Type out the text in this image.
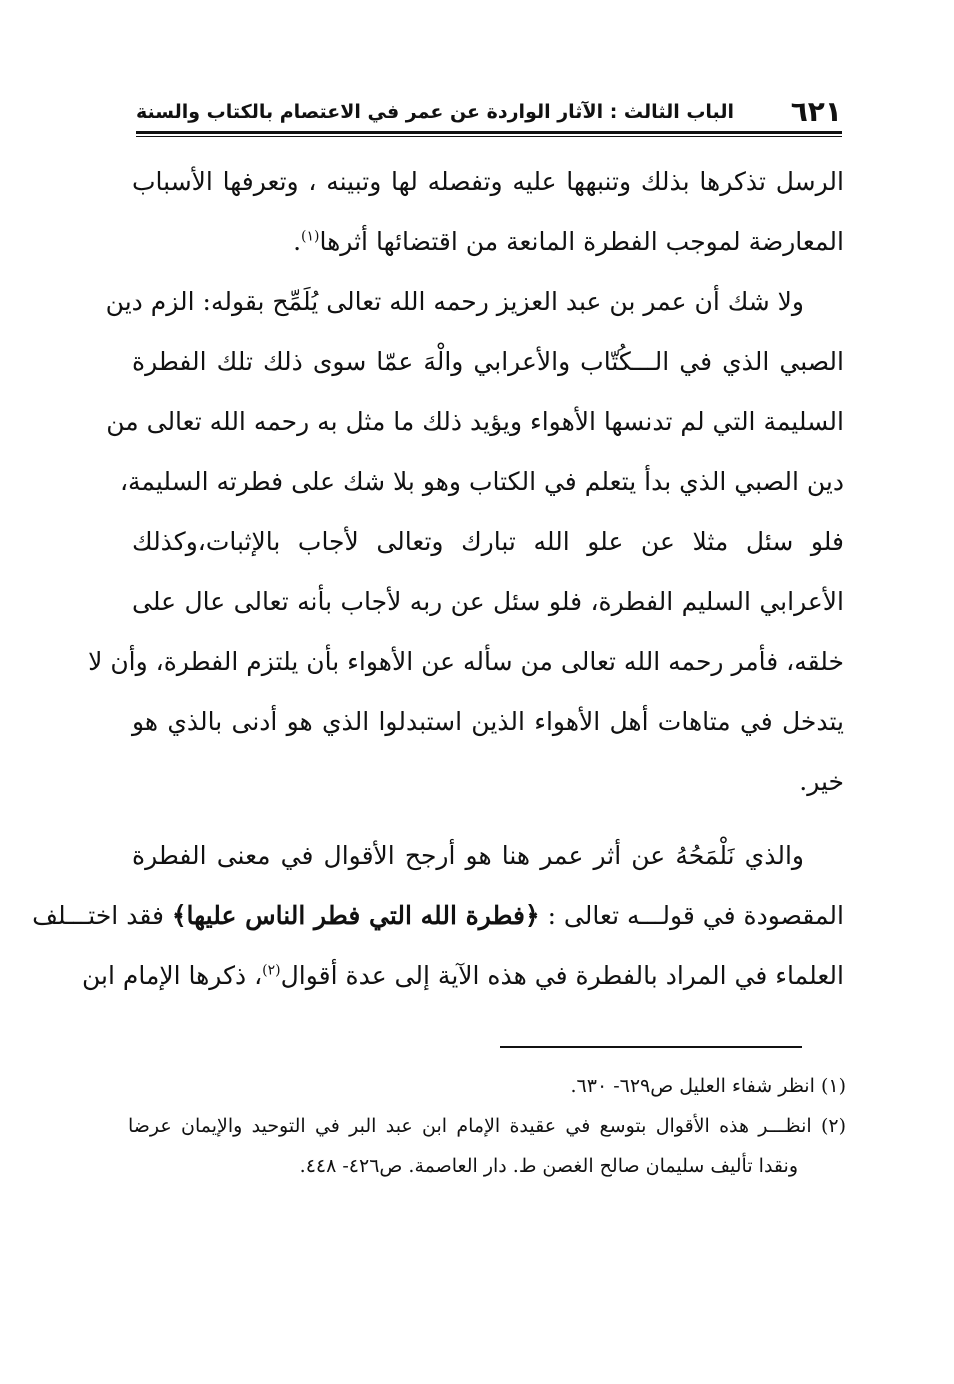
٦٢١
الباب الثالث : الآثار الواردة عن عمر في الاعتصام بالكتاب والسنة
الرسل تذكرها بذلك وتنبهها عليه وتفصله لها وتبينه ، وتعرفها الأسباب
المعارضة لموجب الفطرة المانعة من اقتضائها أثرها$^{(١)}$.
ولا شك أن عمر بن عبد العزيز رحمه الله تعالى يُلَمِّح بقوله: الزم دين
الصبي الذي في الـــكُتّاب والأعرابي والْهَ عمّا سوى ذلك تلك الفطرة
السليمة التي لم تدنسها الأهواء ويؤيد ذلك ما مثل به رحمه الله تعالى من
دين الصبي الذي بدأ يتعلم في الكتاب وهو بلا شك على فطرته السليمة،
فلو سئل مثلا عن علو الله تبارك وتعالى لأجاب بالإثبات،وكذلك
الأعرابي السليم الفطرة، فلو سئل عن ربه لأجاب بأنه تعالى عال على
خلقه، فأمر رحمه الله تعالى من سأله عن الأهواء بأن يلتزم الفطرة، وأن لا
يتدخل في متاهات أهل الأهواء الذين استبدلوا الذي هو أدنى بالذي هو
خير.
والذي نَلْمَحُهُ عن أثر عمر هنا هو أرجح الأقوال في معنى الفطرة
المقصودة في قولـــه تعالى : ﴿فطرة الله التي فطر الناس عليها﴾ فقد اختـــلف
العلماء في المراد بالفطرة في هذه الآية إلى عدة أقوال$^{(٢)}$، ذكرها الإمام ابن
(١) انظر شفاء العليل ص٦٢٩- ٦٣٠.
(٢) انظـــر هذه الأقوال بتوسع في عقيدة الإمام ابن عبد البر في التوحيد والإيمان عرضا
ونقدا تأليف سليمان صالح الغصن ط. دار العاصمة. ص٤٢٦- ٤٤٨.
